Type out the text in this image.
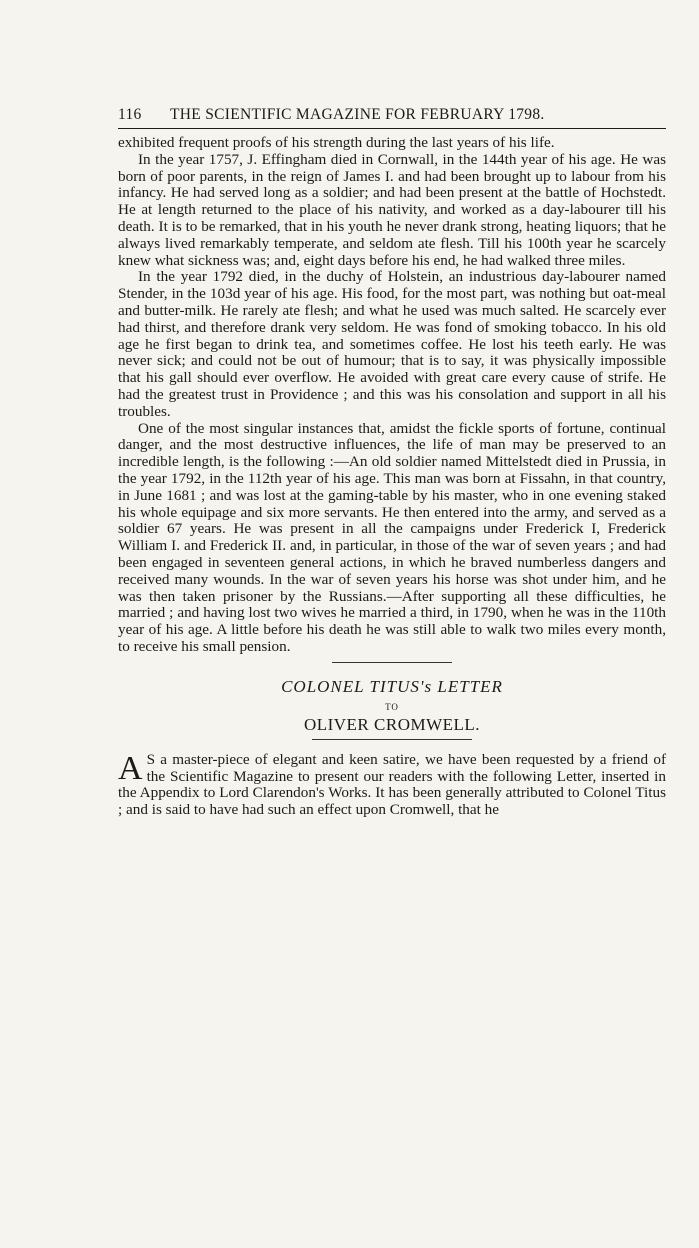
116	THE SCIENTIFIC MAGAZINE FOR FEBRUARY 1798.

exhibited frequent proofs of his strength during the last years of his life.

In the year 1757, J. Effingham died in Cornwall, in the 144th year of his age. He was born of poor parents, in the reign of James I. and had been brought up to labour from his infancy. He had served long as a soldier; and had been present at the battle of Hochstedt. He at length returned to the place of his nativity, and worked as a day-labourer till his death. It is to be remarked, that in his youth he never drank strong, heating liquors; that he always lived remarkably temperate, and seldom ate flesh. Till his 100th year he scarcely knew what sickness was; and, eight days before his end, he had walked three miles.

In the year 1792 died, in the duchy of Holstein, an industrious day-labourer named Stender, in the 103d year of his age. His food, for the most part, was nothing but oat-meal and butter-milk. He rarely ate flesh; and what he used was much salted. He scarcely ever had thirst, and therefore drank very seldom. He was fond of smoking tobacco. In his old age he first began to drink tea, and sometimes coffee. He lost his teeth early. He was never sick; and could not be out of humour; that is to say, it was physically impossible that his gall should ever overflow. He avoided with great care every cause of strife. He had the greatest trust in Providence ; and this was his consolation and support in all his troubles.

One of the most singular instances that, amidst the fickle sports of fortune, continual danger, and the most destructive influences, the life of man may be preserved to an incredible length, is the following :—An old soldier named Mittelstedt died in Prussia, in the year 1792, in the 112th year of his age. This man was born at Fissahn, in that country, in June 1681 ; and was lost at the gaming-table by his master, who in one evening staked his whole equipage and six more servants. He then entered into the army, and served as a soldier 67 years. He was present in all the campaigns under Frederick I, Frederick William I. and Frederick II. and, in particular, in those of the war of seven years ; and had been engaged in seventeen general actions, in which he braved numberless dangers and received many wounds. In the war of seven years his horse was shot under him, and he was then taken prisoner by the Russians.—After supporting all these difficulties, he married ; and having lost two wives he married a third, in 1790, when he was in the 110th year of his age. A little before his death he was still able to walk two miles every month, to receive his small pension.

COLONEL TITUS's LETTER
TO
OLIVER CROMWELL.

A S a master-piece of elegant and keen satire, we have been requested by a friend of the Scientific Magazine to present our readers with the following Letter, inserted in the Appendix to Lord Clarendon's Works. It has been generally attributed to Colonel Titus ; and is said to have had such an effect upon Cromwell, that he
